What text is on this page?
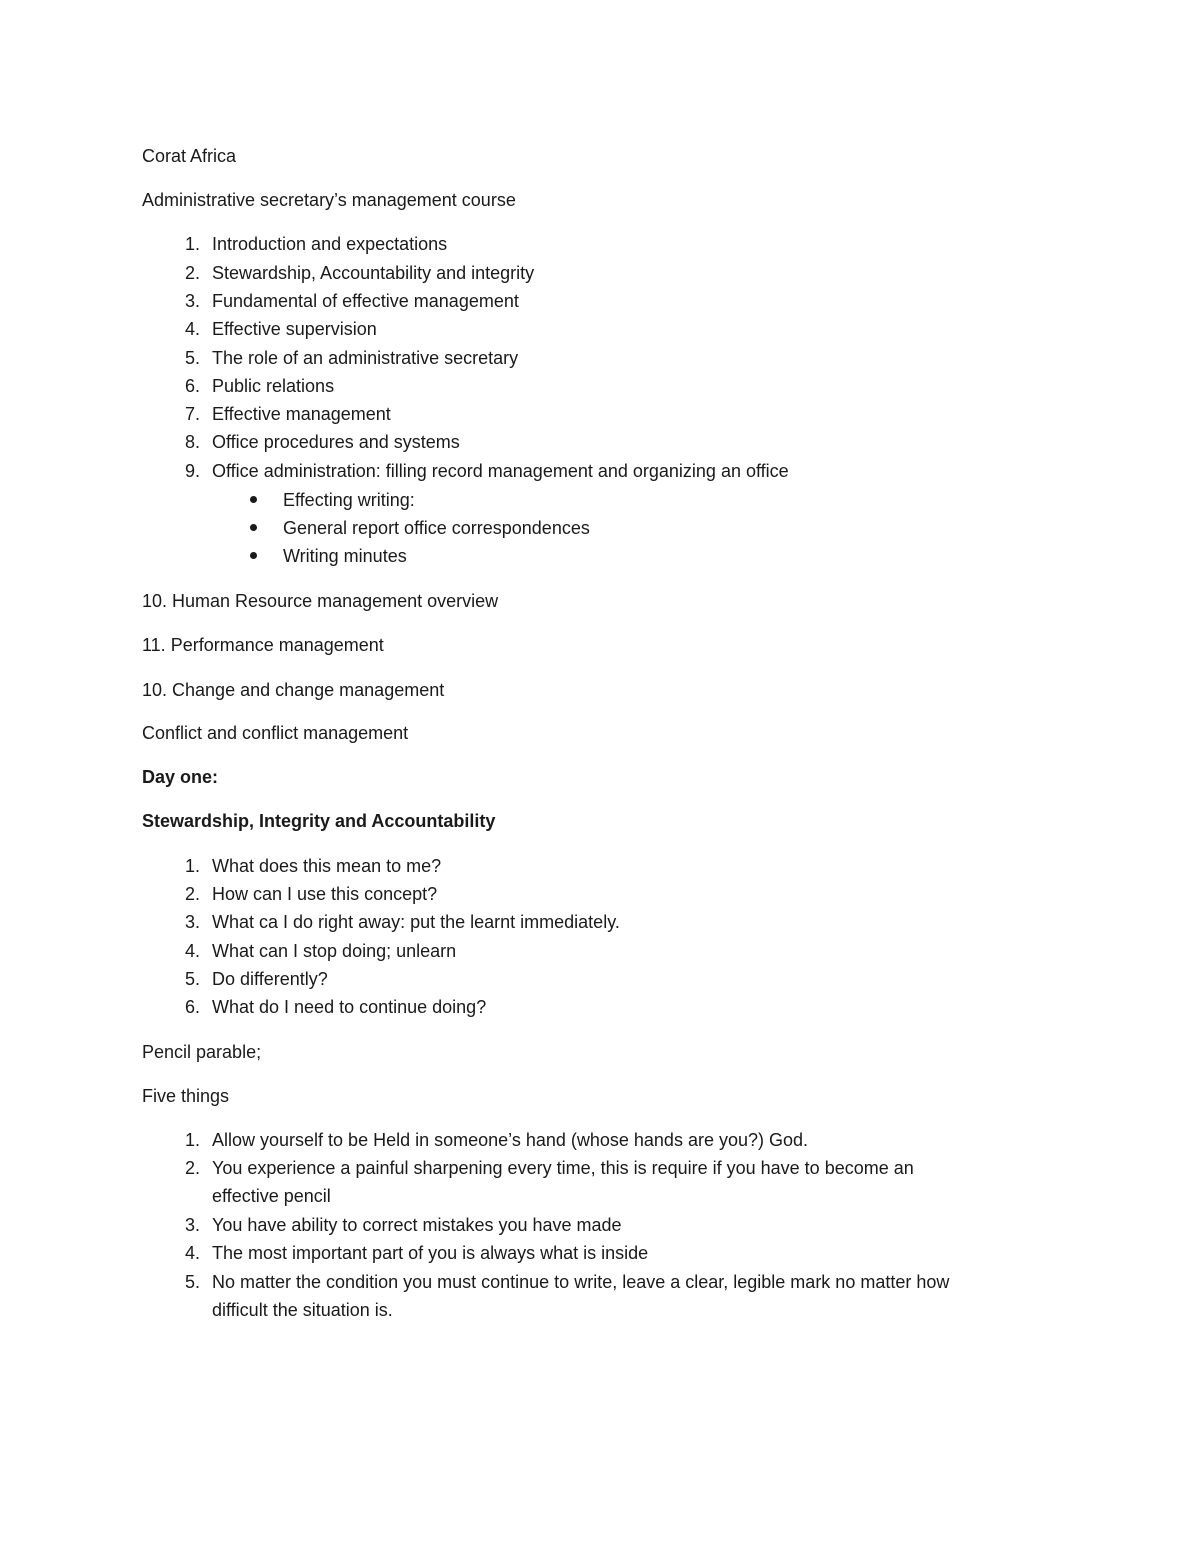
Corat Africa
Administrative secretary’s management course
1. Introduction and expectations
2. Stewardship, Accountability and integrity
3. Fundamental of effective management
4. Effective supervision
5. The role of an administrative secretary
6. Public relations
7. Effective management
8. Office procedures and systems
9. Office administration: filling record management and organizing an office
Effecting writing:
General report office correspondences
Writing minutes
10. Human Resource management overview
11. Performance management
10. Change and change management
Conflict and conflict management
Day one:
Stewardship, Integrity and Accountability
1. What does this mean to me?
2. How can I use this concept?
3. What ca I do right away: put the learnt immediately.
4. What can I stop doing; unlearn
5. Do differently?
6. What do I need to continue doing?
Pencil parable;
Five things
1. Allow yourself to be Held in someone’s hand (whose hands are you?) God.
2. You experience a painful sharpening every time, this is require if you have to become an
effective pencil
3. You have ability to correct mistakes you have made
4. The most important part of you is always what is inside
5. No matter the condition you must continue to write, leave a clear, legible mark no matter how
difficult the situation is.
